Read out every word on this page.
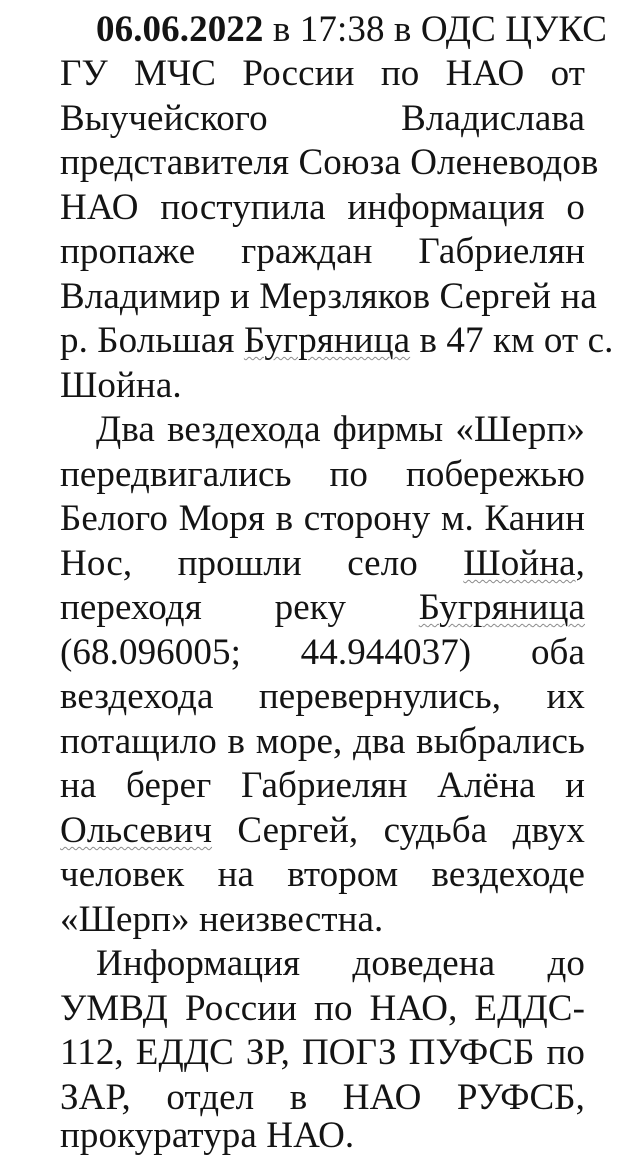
06.06.2022 в 17:38 в ОДС ЦУКС
ГУ МЧС России по НАО от
Выучейского Владислава
представителя Союза Оленеводов
НАО поступила информация о
пропаже граждан Габриелян
Владимир и Мерзляков Сергей на
р. Большая Бугряница в 47 км от с.
Шойна.
Два вездехода фирмы «Шерп»
передвигались по побережью
Белого Моря в сторону м. Канин
Нос, прошли село Шойна,
переходя реку Бугряница
(68.096005; 44.944037) оба
вездехода перевернулись, их
потащило в море, два выбрались
на берег Габриелян Алёна и
Ольсевич Сергей, судьба двух
человек на втором вездеходе
«Шерп» неизвестна.
Информация доведена до
УМВД России по НАО, ЕДДС-
112, ЕДДС ЗР, ПОГЗ ПУФСБ по
ЗАР, отдел в НАО РУФСБ,
прокуратура НАО.
